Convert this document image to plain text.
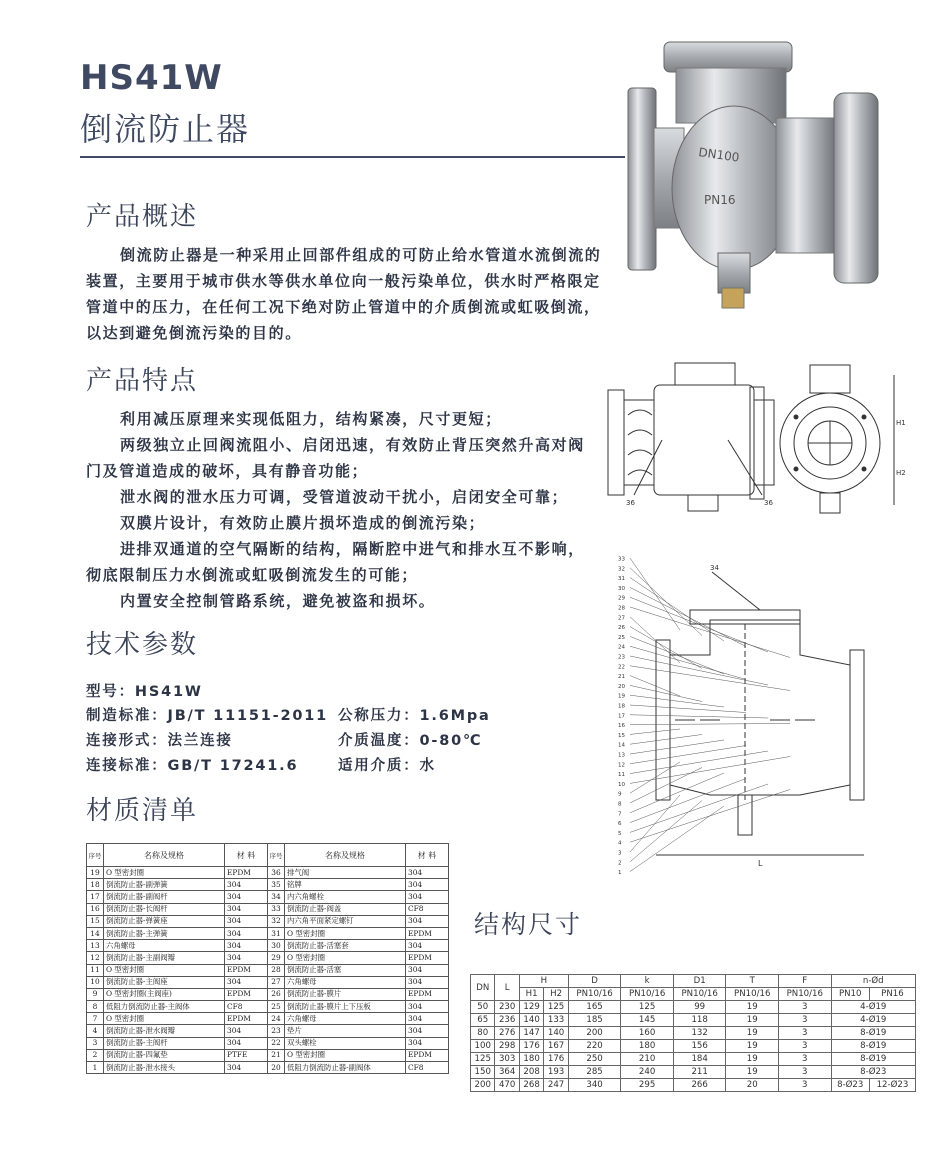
HS41W
倒流防止器
DN100
PN16
产品概述

倒流防止器是一种采用止回部件组成的可防止给水管道水流倒流的装置，主要用于城市供水等供水单位向一般污染单位，供水时严格限定管道中的压力，在任何工况下绝对防止管道中的介质倒流或虹吸倒流，以达到避免倒流污染的目的。

产品特点

利用减压原理来实现低阻力，结构紧凑，尺寸更短；

两级独立止回阀流阻小、启闭迅速，有效防止背压突然升高对阀门及管道造成的破坏，具有静音功能；

泄水阀的泄水压力可调，受管道波动干扰小，启闭安全可靠；

双膜片设计，有效防止膜片损坏造成的倒流污染；

进排双通道的空气隔断的结构，隔断腔中进气和排水互不影响，彻底限制压力水倒流或虹吸倒流发生的可能；

内置安全控制管路系统，避免被盗和损坏。

技术参数
型号：HS41W
制造标准：JB/T 11151-2011 公称压力：1.6Mpa
连接形式：法兰连接	介质温度：0-80℃
连接标准：GB/T 17241.6	适用介质：水
材质清单
序号	名称及规格	材 料	序号	名称及规格	材 料
19	O 型密封圈	EPDM	36	排气阀	304
18	倒流防止器-副弹簧	304	35	铭牌	304
17	倒流防止器-副阀杆	304	34	内六角螺栓	304
16	倒流防止器-长阀杆	304	33	倒流防止器-阀盖	CF8
15	倒流防止器-弹簧座	304	32	内六角平面紧定螺钉	304
14	倒流防止器-主弹簧	304	31	O 型密封圈	EPDM
13	六角螺母	304	30	倒流防止器-活塞套	304
12	倒流防止器-主副阀瓣	304	29	O 型密封圈	EPDM
11	O 型密封圈	EPDM	28	倒流防止器-活塞	304
10	倒流防止器-主阀座	304	27	六角螺母	304
9	O 型密封圈(主阀座)	EPDM	26	倒流防止器-膜片	EPDM
8	低阻力倒流防止器-主阀体	CF8	25	倒流防止器-膜片上下压板	304
7	O 型密封圈	EPDM	24	六角螺母	304
4	倒流防止器-泄水阀瓣	304	23	垫片	304
3	倒流防止器-主阀杆	304	22	双头螺栓	304
2	倒流防止器-四氟垫	PTFE	21	O 型密封圈	EPDM
1	倒流防止器-泄水接头	304	20	低阻力倒流防止器-副阀体	CF8
36	36
H1
H2
33
32
31
30
29
28
27
26
25
24
23
22
21
20
19
18
17
16
15
14
13
12
11
10
9
8
7
6
5
4
3
2
1
34
L
结构尺寸
DN	L	H		D	k	D1	T	F	n-Ød	
		H1	H2	PN10/16	PN10/16	PN10/16	PN10/16	PN10/16	PN10	PN16
50	230	129	125	165	125	99	19	3	4-Ø19	
65	236	140	133	185	145	118	19	3	4-Ø19	
80	276	147	140	200	160	132	19	3	8-Ø19	
100	298	176	167	220	180	156	19	3	8-Ø19	
125	303	180	176	250	210	184	19	3	8-Ø19	
150	364	208	193	285	240	211	19	3	8-Ø23	
200	470	268	247	340	295	266	20	3	8-Ø23	12-Ø23
